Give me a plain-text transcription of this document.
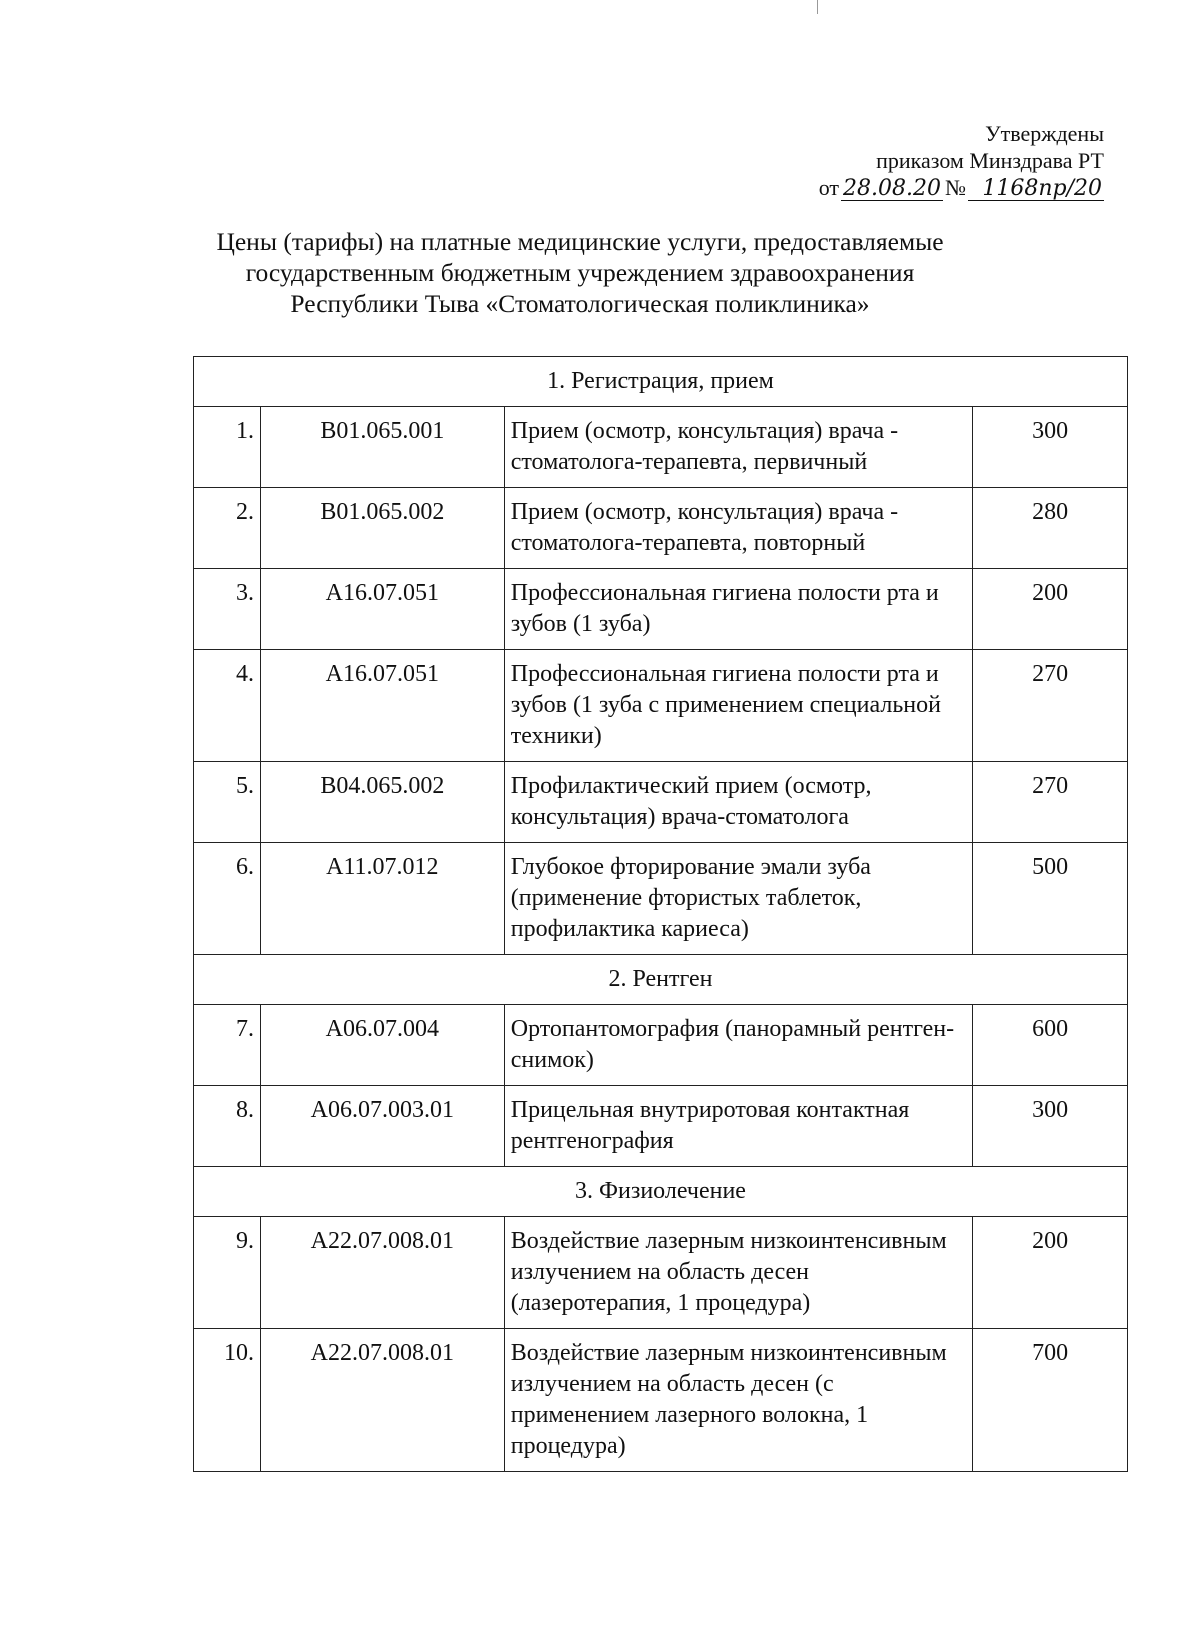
Утверждены
приказом Минздрава РТ
от 28.08.20 № 1168пр/20
Цены (тарифы) на платные медицинские услуги, предоставляемые
государственным бюджетным учреждением здравоохранения
Республики Тыва «Стоматологическая поликлиника»
1. Регистрация, прием			
1.	В01.065.001	Прием (осмотр, консультация) врача - стоматолога-терапевта, первичный	300
2.	В01.065.002	Прием (осмотр, консультация) врача - стоматолога-терапевта, повторный	280
3.	А16.07.051	Профессиональная гигиена полости рта и зубов (1 зуба)	200
4.	А16.07.051	Профессиональная гигиена полости рта и зубов (1 зуба с применением специальной техники)	270
5.	В04.065.002	Профилактический прием (осмотр, консультация) врача-стоматолога	270
6.	А11.07.012	Глубокое фторирование эмали зуба (применение фтористых таблеток, профилактика кариеса)	500
2. Рентген			
7.	А06.07.004	Ортопантомография (панорамный рентген-снимок)	600
8.	А06.07.003.01	Прицельная внутриротовая контактная рентгенография	300
3. Физиолечение			
9.	А22.07.008.01	Воздействие лазерным низкоинтенсивным излучением на область десен (лазеротерапия, 1 процедура)	200
10.	А22.07.008.01	Воздействие лазерным низкоинтенсивным излучением на область десен (с применением лазерного волокна, 1 процедура)	700
